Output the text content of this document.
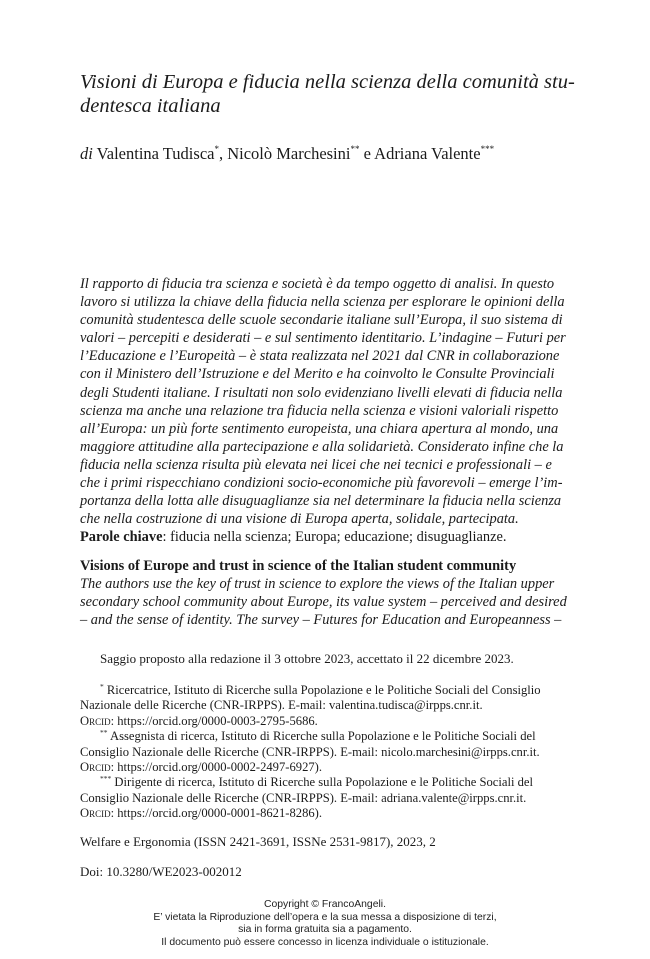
Visioni di Europa e fiducia nella scienza della comunità stu-
dentesca italiana
di Valentina Tudisca*, Nicolò Marchesini** e Adriana Valente***
Il rapporto di fiducia tra scienza e società è da tempo oggetto di analisi. In questo
lavoro si utilizza la chiave della fiducia nella scienza per esplorare le opinioni della
comunità studentesca delle scuole secondarie italiane sull’Europa, il suo sistema di
valori – percepiti e desiderati – e sul sentimento identitario. L’indagine – Futuri per
l’Educazione e l’Europeità – è stata realizzata nel 2021 dal CNR in collaborazione
con il Ministero dell’Istruzione e del Merito e ha coinvolto le Consulte Provinciali
degli Studenti italiane. I risultati non solo evidenziano livelli elevati di fiducia nella
scienza ma anche una relazione tra fiducia nella scienza e visioni valoriali rispetto
all’Europa: un più forte sentimento europeista, una chiara apertura al mondo, una
maggiore attitudine alla partecipazione e alla solidarietà. Considerato infine che la
fiducia nella scienza risulta più elevata nei licei che nei tecnici e professionali – e
che i primi rispecchiano condizioni socio-economiche più favorevoli – emerge l’im-
portanza della lotta alle disuguaglianze sia nel determinare la fiducia nella scienza
che nella costruzione di una visione di Europa aperta, solidale, partecipata.
Parole chiave: fiducia nella scienza; Europa; educazione; disuguaglianze.
Visions of Europe and trust in science of the Italian student community
The authors use the key of trust in science to explore the views of the Italian upper
secondary school community about Europe, its value system – perceived and desired
– and the sense of identity. The survey – Futures for Education and Europeanness –
Saggio proposto alla redazione il 3 ottobre 2023, accettato il 22 dicembre 2023.
* Ricercatrice, Istituto di Ricerche sulla Popolazione e le Politiche Sociali del Consiglio
Nazionale delle Ricerche (CNR-IRPPS). E-mail: valentina.tudisca@irpps.cnr.it.
Orcid: https://orcid.org/0000-0003-2795-5686.
** Assegnista di ricerca, Istituto di Ricerche sulla Popolazione e le Politiche Sociali del
Consiglio Nazionale delle Ricerche (CNR-IRPPS). E-mail: nicolo.marchesini@irpps.cnr.it.
Orcid: https://orcid.org/0000-0002-2497-6927).
*** Dirigente di ricerca, Istituto di Ricerche sulla Popolazione e le Politiche Sociali del
Consiglio Nazionale delle Ricerche (CNR-IRPPS). E-mail: adriana.valente@irpps.cnr.it.
Orcid: https://orcid.org/0000-0001-8621-8286).
Welfare e Ergonomia (ISSN 2421-3691, ISSNe 2531-9817), 2023, 2
Doi: 10.3280/WE2023-002012
Copyright © FrancoAngeli.
E’ vietata la Riproduzione dell’opera e la sua messa a disposizione di terzi,
sia in forma gratuita sia a pagamento.
Il documento può essere concesso in licenza individuale o istituzionale.
